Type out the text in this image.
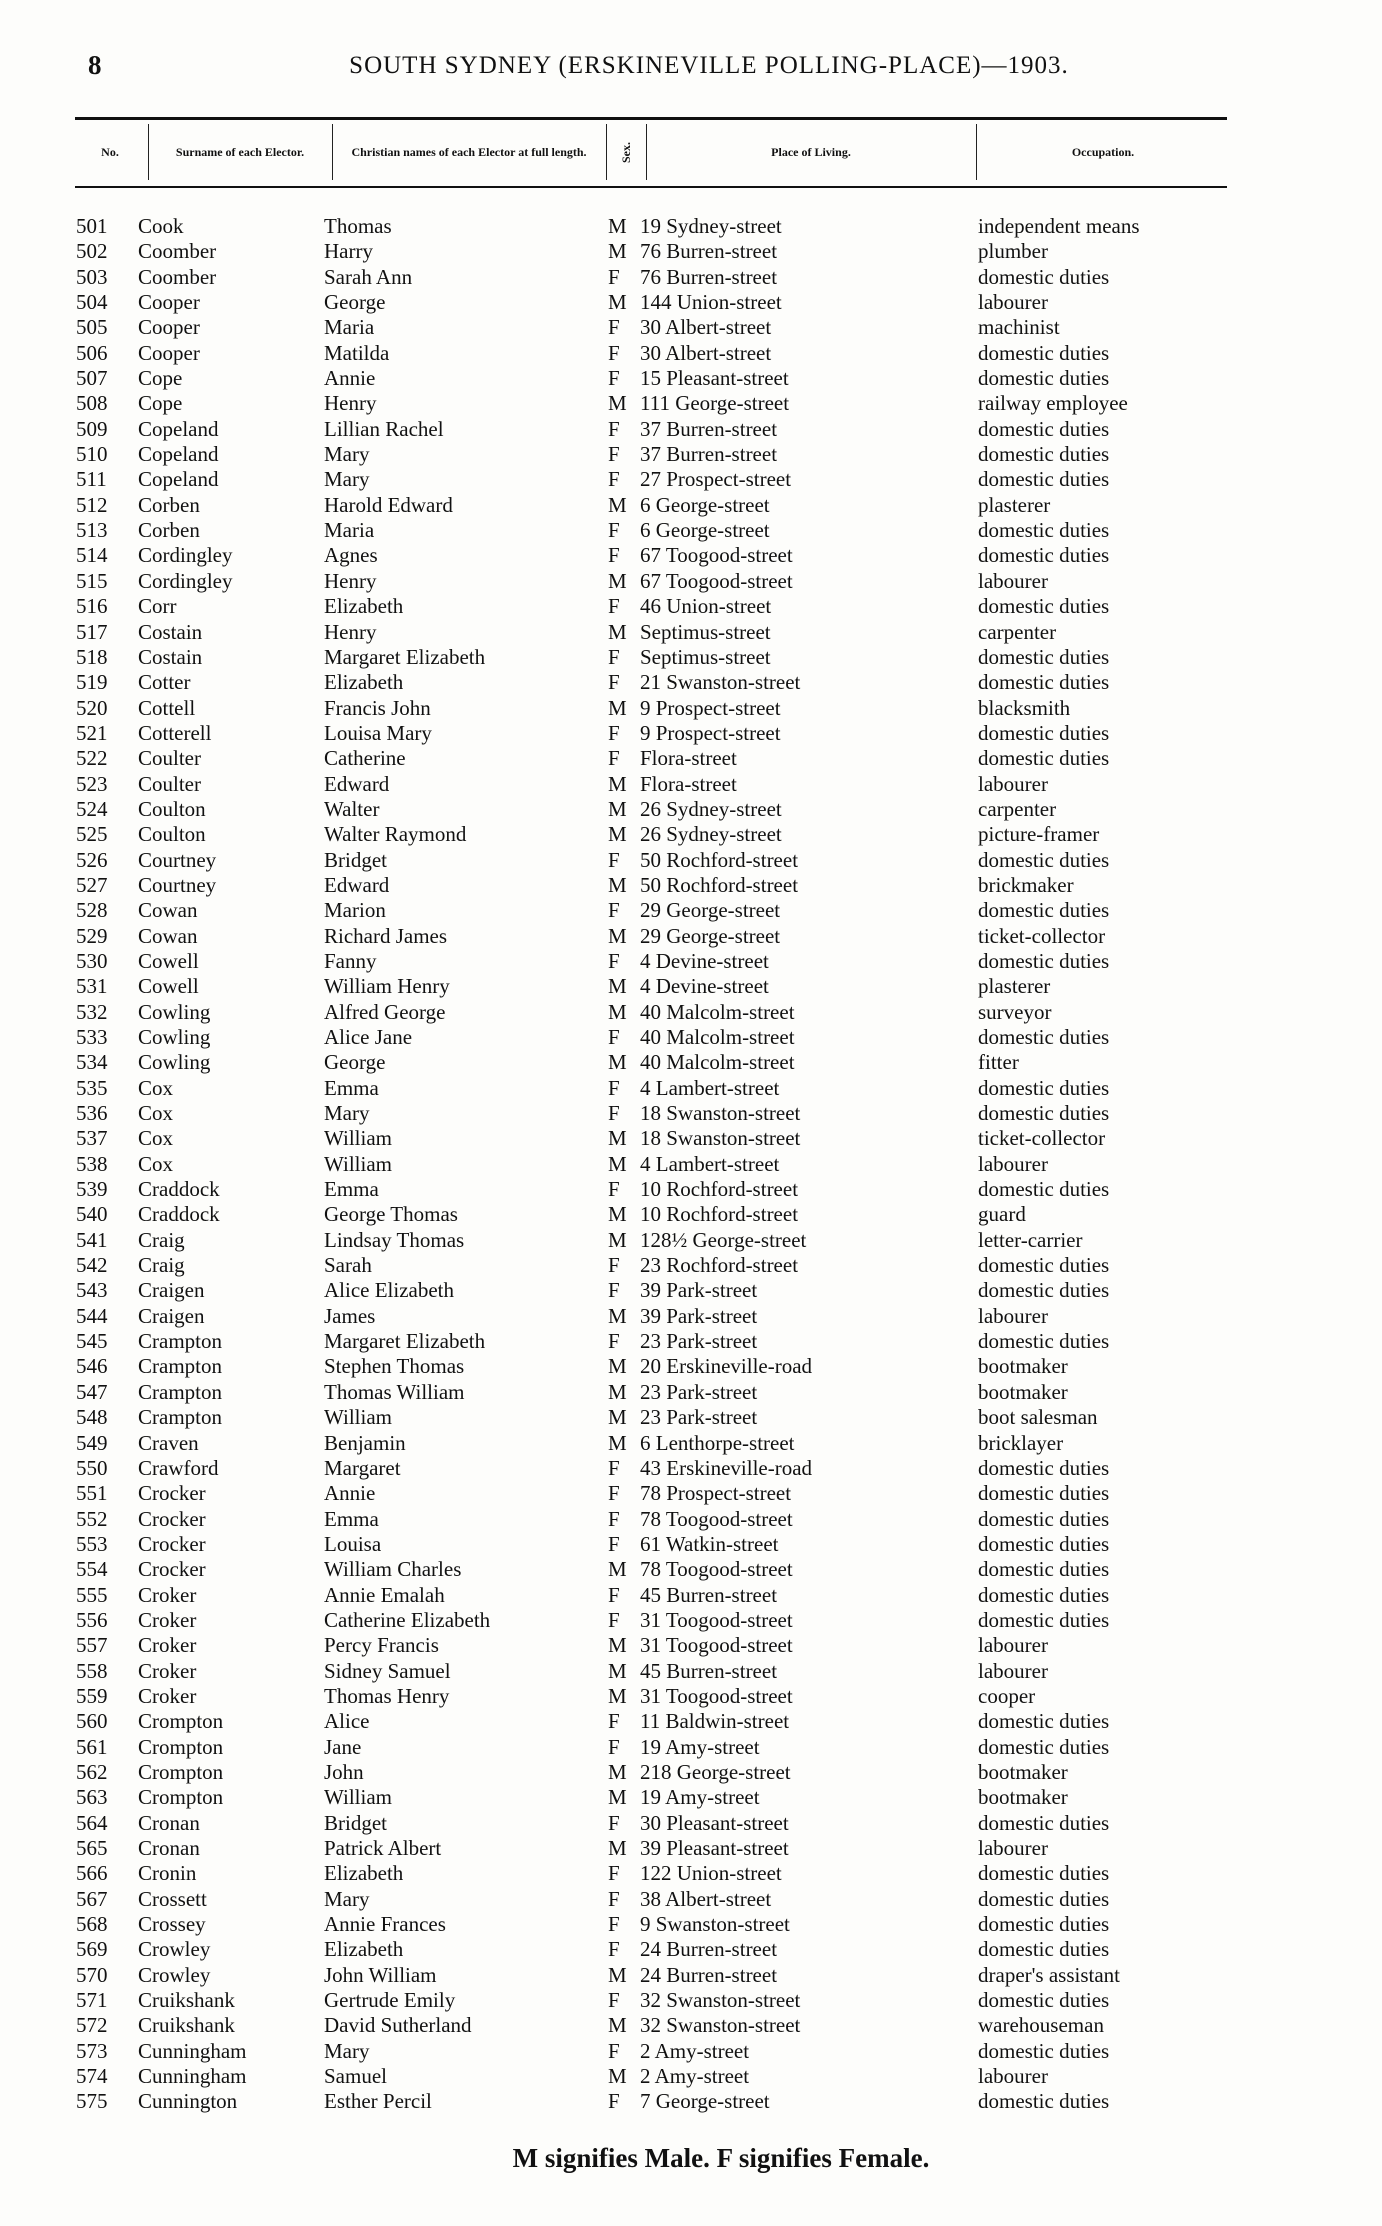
8	SOUTH SYDNEY (ERSKINEVILLE POLLING-PLACE)—1903.
No.	Surname of each Elector.	Christian names of each Elector at full length.	Sex.	Place of Living.	Occupation.
501 Cook	Thomas	M 19 Sydney-street	independent means
502 Coomber	Harry	M 76 Burren-street	plumber
503 Coomber	Sarah Ann	F 76 Burren-street	domestic duties
504 Cooper	George	M 144 Union-street	labourer
505 Cooper	Maria	F 30 Albert-street	machinist
506 Cooper	Matilda	F 30 Albert-street	domestic duties
507 Cope	Annie	F 15 Pleasant-street	domestic duties
508 Cope	Henry	M 111 George-street	railway employee
509 Copeland	Lillian Rachel	F 37 Burren-street	domestic duties
510 Copeland	Mary	F 37 Burren-street	domestic duties
511 Copeland	Mary	F 27 Prospect-street	domestic duties
512 Corben	Harold Edward	M 6 George-street	plasterer
513 Corben	Maria	F 6 George-street	domestic duties
514 Cordingley	Agnes	F 67 Toogood-street	domestic duties
515 Cordingley	Henry	M 67 Toogood-street	labourer
516 Corr	Elizabeth	F 46 Union-street	domestic duties
517 Costain	Henry	M Septimus-street	carpenter
518 Costain	Margaret Elizabeth	F Septimus-street	domestic duties
519 Cotter	Elizabeth	F 21 Swanston-street	domestic duties
520 Cottell	Francis John	M 9 Prospect-street	blacksmith
521 Cotterell	Louisa Mary	F 9 Prospect-street	domestic duties
522 Coulter	Catherine	F Flora-street	domestic duties
523 Coulter	Edward	M Flora-street	labourer
524 Coulton	Walter	M 26 Sydney-street	carpenter
525 Coulton	Walter Raymond	M 26 Sydney-street	picture-framer
526 Courtney	Bridget	F 50 Rochford-street	domestic duties
527 Courtney	Edward	M 50 Rochford-street	brickmaker
528 Cowan	Marion	F 29 George-street	domestic duties
529 Cowan	Richard James	M 29 George-street	ticket-collector
530 Cowell	Fanny	F 4 Devine-street	domestic duties
531 Cowell	William Henry	M 4 Devine-street	plasterer
532 Cowling	Alfred George	M 40 Malcolm-street	surveyor
533 Cowling	Alice Jane	F 40 Malcolm-street	domestic duties
534 Cowling	George	M 40 Malcolm-street	fitter
535 Cox	Emma	F 4 Lambert-street	domestic duties
536 Cox	Mary	F 18 Swanston-street	domestic duties
537 Cox	William	M 18 Swanston-street	ticket-collector
538 Cox	William	M 4 Lambert-street	labourer
539 Craddock	Emma	F 10 Rochford-street	domestic duties
540 Craddock	George Thomas	M 10 Rochford-street	guard
541 Craig	Lindsay Thomas	M 128½ George-street	letter-carrier
542 Craig	Sarah	F 23 Rochford-street	domestic duties
543 Craigen	Alice Elizabeth	F 39 Park-street	domestic duties
544 Craigen	James	M 39 Park-street	labourer
545 Crampton	Margaret Elizabeth	F 23 Park-street	domestic duties
546 Crampton	Stephen Thomas	M 20 Erskineville-road	bootmaker
547 Crampton	Thomas William	M 23 Park-street	bootmaker
548 Crampton	William	M 23 Park-street	boot salesman
549 Craven	Benjamin	M 6 Lenthorpe-street	bricklayer
550 Crawford	Margaret	F 43 Erskineville-road	domestic duties
551 Crocker	Annie	F 78 Prospect-street	domestic duties
552 Crocker	Emma	F 78 Toogood-street	domestic duties
553 Crocker	Louisa	F 61 Watkin-street	domestic duties
554 Crocker	William Charles	M 78 Toogood-street	domestic duties
555 Croker	Annie Emalah	F 45 Burren-street	domestic duties
556 Croker	Catherine Elizabeth	F 31 Toogood-street	domestic duties
557 Croker	Percy Francis	M 31 Toogood-street	labourer
558 Croker	Sidney Samuel	M 45 Burren-street	labourer
559 Croker	Thomas Henry	M 31 Toogood-street	cooper
560 Crompton	Alice	F 11 Baldwin-street	domestic duties
561 Crompton	Jane	F 19 Amy-street	domestic duties
562 Crompton	John	M 218 George-street	bootmaker
563 Crompton	William	M 19 Amy-street	bootmaker
564 Cronan	Bridget	F 30 Pleasant-street	domestic duties
565 Cronan	Patrick Albert	M 39 Pleasant-street	labourer
566 Cronin	Elizabeth	F 122 Union-street	domestic duties
567 Crossett	Mary	F 38 Albert-street	domestic duties
568 Crossey	Annie Frances	F 9 Swanston-street	domestic duties
569 Crowley	Elizabeth	F 24 Burren-street	domestic duties
570 Crowley	John William	M 24 Burren-street	draper's assistant
571 Cruikshank	Gertrude Emily	F 32 Swanston-street	domestic duties
572 Cruikshank	David Sutherland	M 32 Swanston-street	warehouseman
573 Cunningham	Mary	F 2 Amy-street	domestic duties
574 Cunningham	Samuel	M 2 Amy-street	labourer
575 Cunnington	Esther Percil	F 7 George-street	domestic duties
M signifies Male. F signifies Female.
